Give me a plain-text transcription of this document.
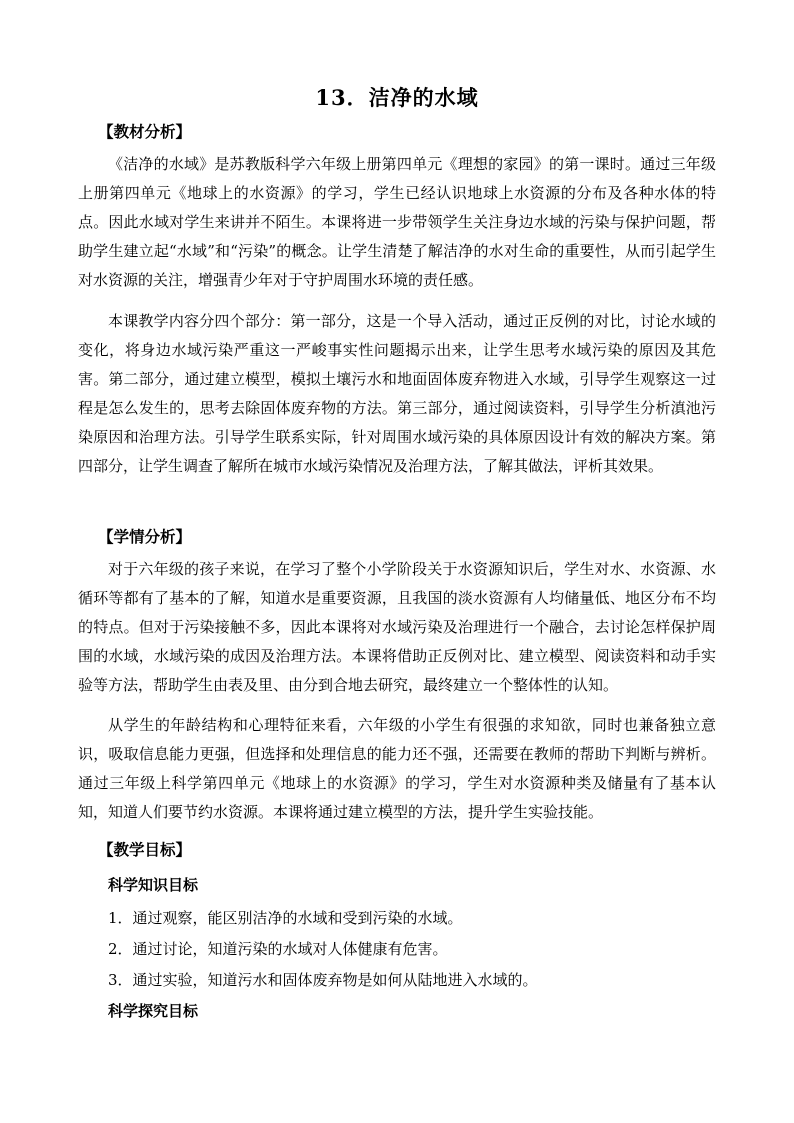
13．洁净的水域
【教材分析】
《洁净的水域》是苏教版科学六年级上册第四单元《理想的家园》的第一课时。通过三年级上册第四单元《地球上的水资源》的学习，学生已经认识地球上水资源的分布及各种水体的特点。因此水域对学生来讲并不陌生。本课将进一步带领学生关注身边水域的污染与保护问题，帮助学生建立起“水域”和“污染”的概念。让学生清楚了解洁净的水对生命的重要性，从而引起学生对水资源的关注，增强青少年对于守护周围水环境的责任感。
本课教学内容分四个部分：第一部分，这是一个导入活动，通过正反例的对比，讨论水域的变化，将身边水域污染严重这一严峻事实性问题揭示出来，让学生思考水域污染的原因及其危害。第二部分，通过建立模型，模拟土壤污水和地面固体废弃物进入水域，引导学生观察这一过程是怎么发生的，思考去除固体废弃物的方法。第三部分，通过阅读资料，引导学生分析滇池污染原因和治理方法。引导学生联系实际，针对周围水域污染的具体原因设计有效的解决方案。第四部分，让学生调查了解所在城市水域污染情况及治理方法，了解其做法，评析其效果。
【学情分析】
对于六年级的孩子来说，在学习了整个小学阶段关于水资源知识后，学生对水、水资源、水循环等都有了基本的了解，知道水是重要资源，且我国的淡水资源有人均储量低、地区分布不均的特点。但对于污染接触不多，因此本课将对水域污染及治理进行一个融合，去讨论怎样保护周围的水域，水域污染的成因及治理方法。本课将借助正反例对比、建立模型、阅读资料和动手实验等方法，帮助学生由表及里、由分到合地去研究，最终建立一个整体性的认知。
从学生的年龄结构和心理特征来看，六年级的小学生有很强的求知欲，同时也兼备独立意识，吸取信息能力更强，但选择和处理信息的能力还不强，还需要在教师的帮助下判断与辨析。通过三年级上科学第四单元《地球上的水资源》的学习，学生对水资源种类及储量有了基本认知，知道人们要节约水资源。本课将通过建立模型的方法，提升学生实验技能。
【教学目标】
科学知识目标
1．通过观察，能区别洁净的水域和受到污染的水域。
2．通过讨论，知道污染的水域对人体健康有危害。
3．通过实验，知道污水和固体废弃物是如何从陆地进入水域的。
科学探究目标
